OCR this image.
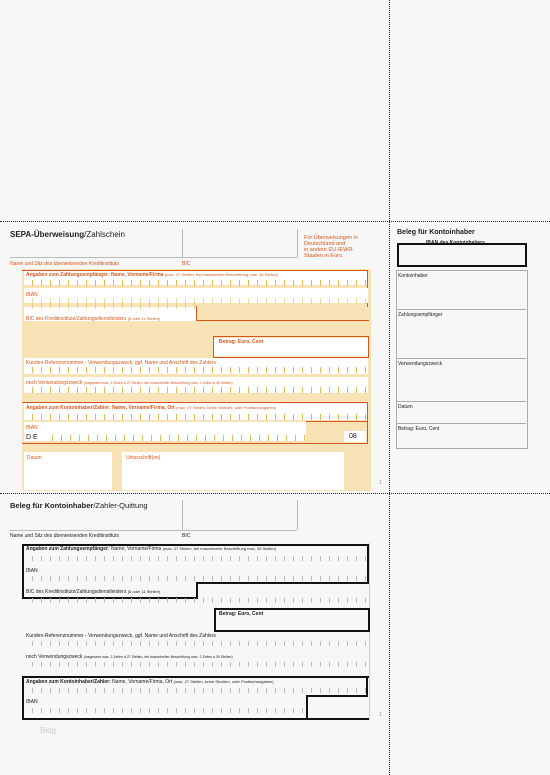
SEPA-Überweisung/Zahlschein
Name und Sitz des überweisenden Kreditinstituts	BIC
Für Überweisungen in
Deutschland und
in andere EU-/EWR-
Staaten in Euro.
Angaben zum Zahlungsempfänger: Name, Vorname/Firma (max. 27 Stellen, bei maschineller Beschriftung max. 35 Stellen)
IBAN
BIC des Kreditinstituts/Zahlungsdienstleisters (8 oder 11 Stellen)
Betrag: Euro, Cent
Kunden-Referenznummer - Verwendungszweck, ggf. Name und Anschrift des Zahlers
noch Verwendungszweck (insgesamt max. 2 Zeilen à 27 Stellen, bei maschineller Beschriftung max. 2 Zeilen à 35 Stellen)
Angaben zum Kontoinhaber/Zahler: Name, Vorname/Firma, Ort (max. 27 Stellen, keine Straßen- oder Postfachangaben)
IBAN
D E	08
Datum	Unterschrift(en)
1
Beleg für Kontoinhaber
IBAN des Kontoinhabers
Kontoinhaber
Zahlungsempfänger
Verwendungszweck
Datum
Betrag: Euro, Cent
Beleg für Kontoinhaber/Zahler-Quittung
Name und Sitz des überweisenden Kreditinstituts	BIC
Angaben zum Zahlungsempfänger: Name, Vorname/Firma (max. 27 Stellen, bei maschineller Beschriftung max. 35 Stellen)
IBAN
BIC des Kreditinstituts/Zahlungsdienstleisters (8 oder 11 Stellen)
Betrag: Euro, Cent
Kunden-Referenznummer - Verwendungszweck, ggf. Name und Anschrift des Zahlers
noch Verwendungszweck (insgesamt max. 2 Zeilen à 27 Stellen, bei maschineller Beschriftung max. 2 Zeilen à 35 Stellen)
Angaben zum Kontoinhaber/Zahler: Name, Vorname/Firma, Ort (max. 27 Stellen, keine Straßen- oder Postfachangaben)
IBAN
1
Blog
